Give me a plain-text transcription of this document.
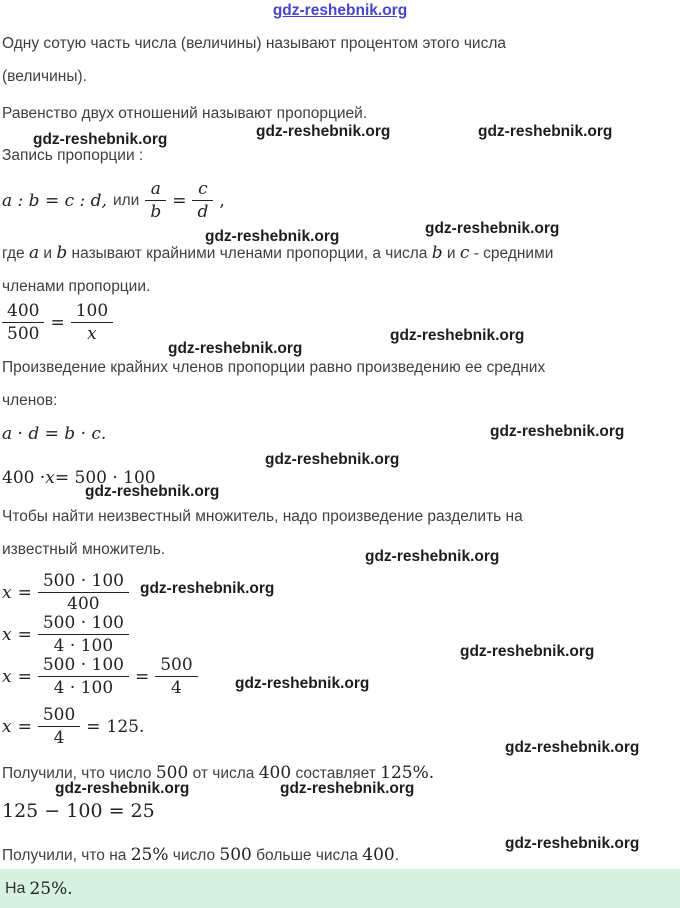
gdz-reshebnik.org
gdz-reshebnik.org	gdz-reshebnik.org	gdz-reshebnik.org
gdz-reshebnik.org	gdz-reshebnik.org
gdz-reshebnik.org
gdz-reshebnik.org
gdz-reshebnik.org
gdz-reshebnik.org
gdz-reshebnik.org
gdz-reshebnik.org
gdz-reshebnik.org
gdz-reshebnik.org
gdz-reshebnik.org
gdz-reshebnik.org
gdz-reshebnik.org	gdz-reshebnik.org
gdz-reshebnik.org
Одну сотую часть числа (величины) называют процентом этого числа
(величины).
Равенство двух отношений называют пропорцией.
Запись пропорции :
a : b = c : d, или $\frac{a}{b} = \frac{c}{d}$ ,
где a и b называют крайними членами пропорции, а числа b и c - средними
членами пропорции.
$\frac{400}{500} = \frac{100}{x}$
Произведение крайних членов пропорции равно произведению ее средних
членов:
a · d = b · c.
400 · x = 500 · 100
Чтобы найти неизвестный множитель, надо произведение разделить на
известный множитель.
$x = \frac{500 \cdot 100}{400}$
$x = \frac{500 \cdot 100}{4 \cdot 100}$
$x = \frac{500 \cdot 100}{4 \cdot 100} = \frac{500}{4}$
$x = \frac{500}{4} = 125$.
Получили, что число 500 от числа 400 составляет 125%.
125 − 100 = 25
Получили, что на 25% число 500 больше числа 400.
На 25%.
